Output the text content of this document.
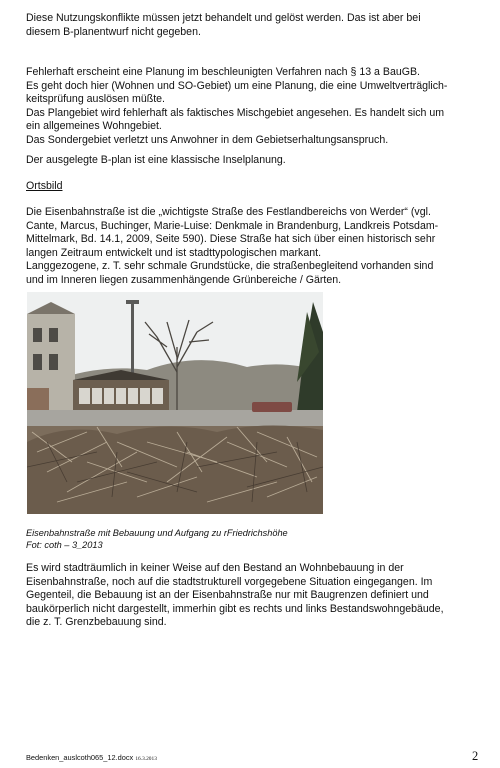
Diese Nutzungskonflikte müssen jetzt behandelt und gelöst werden. Das ist aber bei
diesem B-planentwurf nicht gegeben.
Fehlerhaft erscheint eine Planung im beschleunigten Verfahren nach § 13 a BauGB.
Es geht doch hier (Wohnen und SO-Gebiet) um eine Planung, die eine Umweltverträglich-
keitsprüfung auslösen müßte.
Das Plangebiet wird fehlerhaft als faktisches Mischgebiet angesehen. Es handelt sich um
ein allgemeines Wohngebiet.
Das Sondergebiet verletzt uns Anwohner in dem Gebietserhaltungsanspruch.
Der ausgelegte B-plan ist eine klassische Inselplanung.
Ortsbild
Die Eisenbahnstraße ist die „wichtigste Straße des Festlandbereichs von Werder“ (vgl.
Cante, Marcus, Buchinger, Marie-Luise: Denkmale in Brandenburg, Landkreis Potsdam-
Mittelmark, Bd. 14.1, 2009, Seite 590). Diese Straße hat sich über einen historisch sehr
langen Zeitraum entwickelt und ist stadttypologischen markant.
Langgezogene, z. T. sehr schmale Grundstücke, die straßenbegleitend vorhanden sind
und im Inneren liegen zusammenhängende Grünbereiche / Gärten.
Eisenbahnstraße mit Bebauung und Aufgang zu rFriedrichshöhe
Fot: coth – 3_2013
Es wird stadträumlich in keiner Weise auf den Bestand an Wohnbebauung in der
Eisenbahnstraße, noch auf die stadtstrukturell vorgegebene Situation eingegangen. Im
Gegenteil, die Bebauung ist an der Eisenbahnstraße nur mit Baugrenzen definiert und
baukörperlich nicht dargestellt, immerhin gibt es rechts und links Bestandswohngebäude,
die z. T. Grenzbebauung sind.
Bedenken_auslcoth065_12.docx 16.3.2013	2
